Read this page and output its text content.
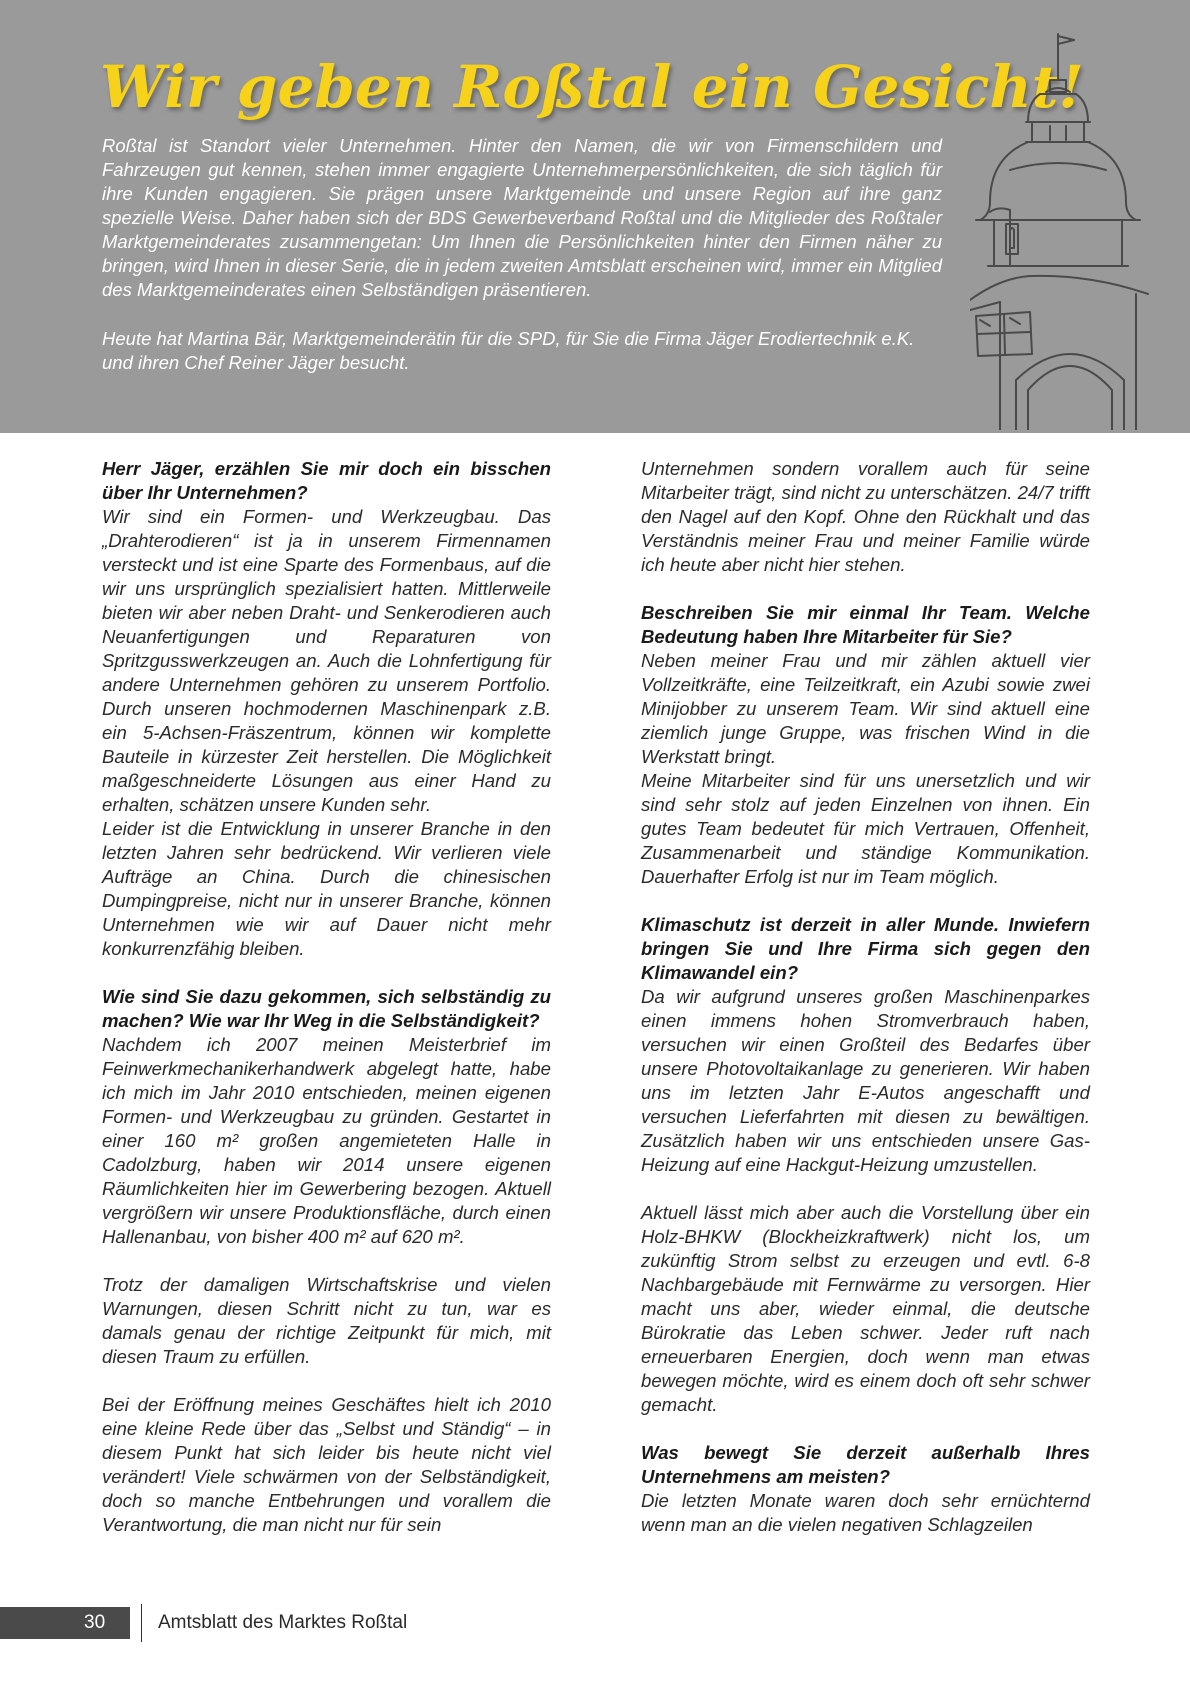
Wir geben Roßtal ein Gesicht!

Roßtal ist Standort vieler Unternehmen. Hinter den Namen, die wir von Firmenschildern und Fahrzeugen gut kennen, stehen immer engagierte Unternehmerpersönlichkeiten, die sich täglich für ihre Kunden engagieren. Sie prägen unsere Marktgemeinde und unsere Region auf ihre ganz spezielle Weise. Daher haben sich der BDS Gewerbeverband Roßtal und die Mitglieder des Roßtaler Marktgemeinderates zusammengetan: Um Ihnen die Persönlichkeiten hinter den Firmen näher zu bringen, wird Ihnen in dieser Serie, die in jedem zweiten Amtsblatt erscheinen wird, immer ein Mitglied des Marktgemeinderates einen Selbständigen präsentieren.

Heute hat Martina Bär, Marktgemeinderätin für die SPD, für Sie die Firma Jäger Erodiertechnik e.K. und ihren Chef Reiner Jäger besucht.

Herr Jäger, erzählen Sie mir doch ein bisschen über Ihr Unternehmen?

Wir sind ein Formen- und Werkzeugbau. Das „Drahterodieren“ ist ja in unserem Firmennamen versteckt und ist eine Sparte des Formenbaus, auf die wir uns ursprünglich spezialisiert hatten. Mittlerweile bieten wir aber neben Draht- und Senkerodieren auch Neuanfertigungen und Reparaturen von Spritzgusswerkzeugen an. Auch die Lohnfertigung für andere Unternehmen gehören zu unserem Portfolio. Durch unseren hochmodernen Maschinenpark z.B. ein 5-Achsen-Fräszentrum, können wir komplette Bauteile in kürzester Zeit herstellen. Die Möglichkeit maßgeschneiderte Lösungen aus einer Hand zu erhalten, schätzen unsere Kunden sehr.

Leider ist die Entwicklung in unserer Branche in den letzten Jahren sehr bedrückend. Wir verlieren viele Aufträge an China. Durch die chinesischen Dumpingpreise, nicht nur in unserer Branche, können Unternehmen wie wir auf Dauer nicht mehr konkurrenzfähig bleiben.

Wie sind Sie dazu gekommen, sich selbständig zu machen? Wie war Ihr Weg in die Selbständigkeit?

Nachdem ich 2007 meinen Meisterbrief im Feinwerkmechanikerhandwerk abgelegt hatte, habe ich mich im Jahr 2010 entschieden, meinen eigenen Formen- und Werkzeugbau zu gründen. Gestartet in einer 160 m² großen angemieteten Halle in Cadolzburg, haben wir 2014 unsere eigenen Räumlichkeiten hier im Gewerbering bezogen. Aktuell vergrößern wir unsere Produktionsfläche, durch einen Hallenanbau, von bisher 400 m² auf 620 m².

Trotz der damaligen Wirtschaftskrise und vielen Warnungen, diesen Schritt nicht zu tun, war es damals genau der richtige Zeitpunkt für mich, mit diesen Traum zu erfüllen.

Bei der Eröffnung meines Geschäftes hielt ich 2010 eine kleine Rede über das „Selbst und Ständig“ – in diesem Punkt hat sich leider bis heute nicht viel verändert! Viele schwärmen von der Selbständigkeit, doch so manche Entbehrungen und vorallem die Verantwortung, die man nicht nur für sein

Unternehmen sondern vorallem auch für seine Mitarbeiter trägt, sind nicht zu unterschätzen. 24/7 trifft den Nagel auf den Kopf. Ohne den Rückhalt und das Verständnis meiner Frau und meiner Familie würde ich heute aber nicht hier stehen.

Beschreiben Sie mir einmal Ihr Team. Welche Bedeutung haben Ihre Mitarbeiter für Sie?

Neben meiner Frau und mir zählen aktuell vier Vollzeitkräfte, eine Teilzeitkraft, ein Azubi sowie zwei Minijobber zu unserem Team. Wir sind aktuell eine ziemlich junge Gruppe, was frischen Wind in die Werkstatt bringt.

Meine Mitarbeiter sind für uns unersetzlich und wir sind sehr stolz auf jeden Einzelnen von ihnen. Ein gutes Team bedeutet für mich Vertrauen, Offenheit, Zusammenarbeit und ständige Kommunikation. Dauerhafter Erfolg ist nur im Team möglich.

Klimaschutz ist derzeit in aller Munde. Inwiefern bringen Sie und Ihre Firma sich gegen den Klimawandel ein?

Da wir aufgrund unseres großen Maschinenparkes einen immens hohen Stromverbrauch haben, versuchen wir einen Großteil des Bedarfes über unsere Photovoltaikanlage zu generieren. Wir haben uns im letzten Jahr E-Autos angeschafft und versuchen Lieferfahrten mit diesen zu bewältigen. Zusätzlich haben wir uns entschieden unsere Gas-Heizung auf eine Hackgut-Heizung umzustellen.

Aktuell lässt mich aber auch die Vorstellung über ein Holz-BHKW (Blockheizkraftwerk) nicht los, um zukünftig Strom selbst zu erzeugen und evtl. 6-8 Nachbargebäude mit Fernwärme zu versorgen. Hier macht uns aber, wieder einmal, die deutsche Bürokratie das Leben schwer. Jeder ruft nach erneuerbaren Energien, doch wenn man etwas bewegen möchte, wird es einem doch oft sehr schwer gemacht.

Was bewegt Sie derzeit außerhalb Ihres Unternehmens am meisten?

Die letzten Monate waren doch sehr ernüchternd wenn man an die vielen negativen Schlagzeilen

30	Amtsblatt des Marktes Roßtal
